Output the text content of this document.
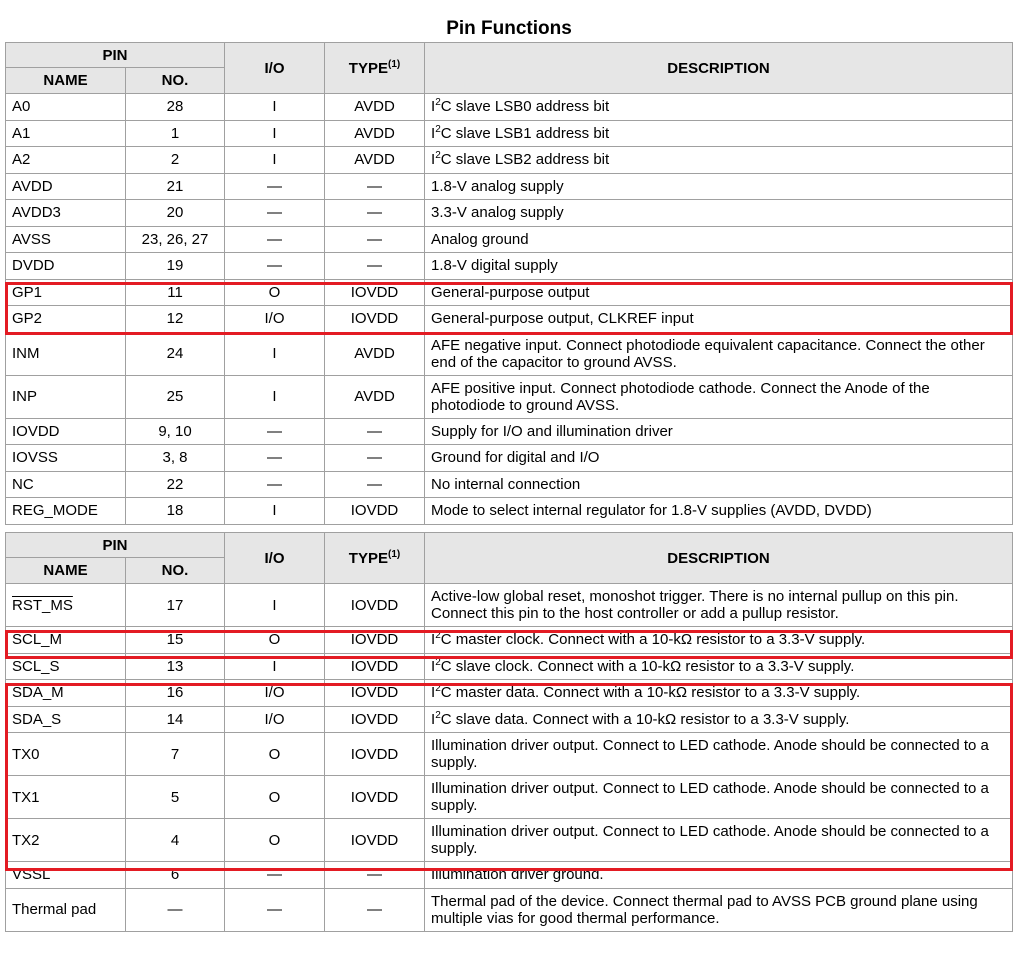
Pin Functions
PIN		I/O	TYPE$^{(1)}$	DESCRIPTION
NAME	NO.			
A0	28	I	AVDD	$I^2C$ slave LSB0 address bit
A1	1	I	AVDD	$I^2C$ slave LSB1 address bit
A2	2	I	AVDD	$I^2C$ slave LSB2 address bit
AVDD	21	—	—	1.8-V analog supply
AVDD3	20	—	—	3.3-V analog supply
AVSS	23, 26, 27	—	—	Analog ground
DVDD	19	—	—	1.8-V digital supply
GP1	11	O	IOVDD	General-purpose output
GP2	12	I/O	IOVDD	General-purpose output, CLKREF input
INM	24	I	AVDD	AFE negative input. Connect photodiode equivalent capacitance. Connect the other end of the capacitor to ground AVSS.
INP	25	I	AVDD	AFE positive input. Connect photodiode cathode. Connect the Anode of the photodiode to ground AVSS.
IOVDD	9, 10	—	—	Supply for I/O and illumination driver
IOVSS	3, 8	—	—	Ground for digital and I/O
NC	22	—	—	No internal connection
REG_MODE	18	I	IOVDD	Mode to select internal regulator for 1.8-V supplies (AVDD, DVDD)
PIN		I/O	TYPE$^{(1)}$	DESCRIPTION
NAME	NO.			
RST_MS	17	I	IOVDD	Active-low global reset, monoshot trigger. There is no internal pullup on this pin. Connect this pin to the host controller or add a pullup resistor.
SCL_M	15	O	IOVDD	$I^2C$ master clock. Connect with a 10-kΩ resistor to a 3.3-V supply.
SCL_S	13	I	IOVDD	$I^2C$ slave clock. Connect with a 10-kΩ resistor to a 3.3-V supply.
SDA_M	16	I/O	IOVDD	$I^2C$ master data. Connect with a 10-kΩ resistor to a 3.3-V supply.
SDA_S	14	I/O	IOVDD	$I^2C$ slave data. Connect with a 10-kΩ resistor to a 3.3-V supply.
TX0	7	O	IOVDD	Illumination driver output. Connect to LED cathode. Anode should be connected to a supply.
TX1	5	O	IOVDD	Illumination driver output. Connect to LED cathode. Anode should be connected to a supply.
TX2	4	O	IOVDD	Illumination driver output. Connect to LED cathode. Anode should be connected to a supply.
VSSL	6	—	—	Illumination driver ground.
Thermal pad	—	—	—	Thermal pad of the device. Connect thermal pad to AVSS PCB ground plane using multiple vias for good thermal performance.
